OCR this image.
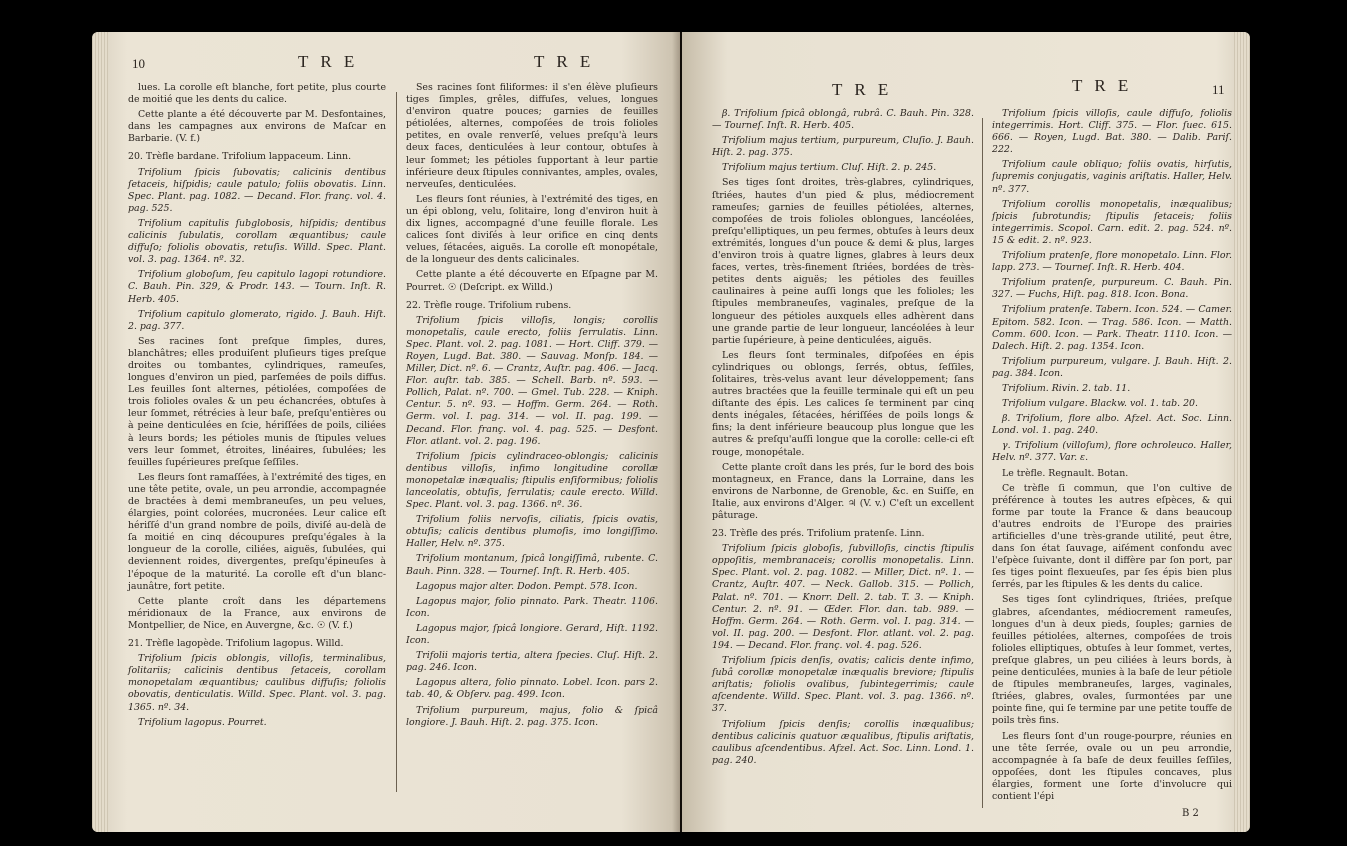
10	T R E	T R E

lues. La corolle eſt blanche, fort petite, plus courte de moitié que les dents du calice.

Cette plante a été découverte par M. Desfontaines, dans les campagnes aux environs de Maſcar en Barbarie. (V. f.)

20. Trèfle bardane. Trifolium lappaceum. Linn.

Trifolium ſpicis ſubovatis; calicinis dentibus ſetaceis, hiſpidis; caule patulo; foliis obovatis. Linn. Spec. Plant. pag. 1082. — Decand. Flor. franç. vol. 4. pag. 525.

Trifolium capitulis ſubglobosis, hiſpidis; dentibus calicinis ſubulatis, corollam æquantibus; caule diffuſo; foliolis obovatis, retuſis. Willd. Spec. Plant. vol. 3. pag. 1364. nº. 32.

Trifolium globoſum, ſeu capitulo lagopi rotundiore. C. Bauh. Pin. 329, & Prodr. 143. — Tourn. Inſt. R. Herb. 405.

Trifolium capitulo glomerato, rigido. J. Bauh. Hiſt. 2. pag. 377.

Ses racines ſont preſque ſimples, dures, blanchâtres; elles produiſent pluſieurs tiges preſque droites ou tombantes, cylindriques, rameuſes, longues d'environ un pied, parſemées de poils diffus. Les feuilles ſont alternes, pétiolées, compoſées de trois folioles ovales & un peu échancrées, obtuſes à leur ſommet, rétrécies à leur baſe, preſqu'entières ou à peine denticulées en ſcie, hériſſées de poils, ciliées à leurs bords; les pétioles munis de ſtipules velues vers leur ſommet, étroites, linéaires, ſubulées; les feuilles ſupérieures preſque ſeſſiles.

Les fleurs ſont ramaſſées, à l'extrémité des tiges, en une tête petite, ovale, un peu arrondie, accompagnée de bractées à demi membraneuſes, un peu velues, élargies, point colorées, mucronées. Leur calice eſt hériſſé d'un grand nombre de poils, diviſé au-delà de ſa moitié en cinq découpures preſqu'égales à la longueur de la corolle, ciliées, aiguës, ſubulées, qui deviennent roides, divergentes, preſqu'épineuſes à l'époque de la maturité. La corolle eſt d'un blanc-jaunâtre, fort petite.

Cette plante croît dans les départemens méridionaux de la France, aux environs de Montpellier, de Nice, en Auvergne, &c. ☉ (V. f.)

21. Trèfle lagopède. Trifolium lagopus. Willd.

Trifolium ſpicis oblongis, villoſis, terminalibus, ſolitariis; calicinis dentibus ſetaceis, corollam monopetalam æquantibus; caulibus diffuſis; foliolis obovatis, denticulatis. Willd. Spec. Plant. vol. 3. pag. 1365. nº. 34.

Trifolium lagopus. Pourret.

Ses racines ſont filiformes: il s'en élève pluſieurs tiges ſimples, grêles, diffuſes, velues, longues d'environ quatre pouces; garnies de feuilles pétiolées, alternes, compoſées de trois folioles petites, en ovale renverſé, velues preſqu'à leurs deux faces, denticulées à leur contour, obtuſes à leur ſommet; les pétioles ſupportant à leur partie inférieure deux ſtipules connivantes, amples, ovales, nerveuſes, denticulées.

Les fleurs ſont réunies, à l'extrémité des tiges, en un épi oblong, velu, ſolitaire, long d'environ huit à dix lignes, accompagné d'une feuille florale. Les calices ſont diviſés à leur orifice en cinq dents velues, ſétacées, aiguës. La corolle eſt monopétale, de la longueur des dents calicinales.

Cette plante a été découverte en Eſpagne par M. Pourret. ☉ (Deſcript. ex Willd.)

22. Trèfle rouge. Trifolium rubens.

Trifolium ſpicis villoſis, longis; corollis monopetalis, caule erecto, foliis ſerrulatis. Linn. Spec. Plant. vol. 2. pag. 1081. — Hort. Cliff. 379. — Royen, Lugd. Bat. 380. — Sauvag. Monſp. 184. — Miller, Dict. nº. 6. — Crantz, Auſtr. pag. 406. — Jacq. Flor. auſtr. tab. 385. — Schell. Barb. nº. 593. — Pollich, Palat. nº. 700. — Gmel. Tub. 228. — Kniph. Centur. 5. nº. 93. — Hoffm. Germ. 264. — Roth. Germ. vol. I. pag. 314. — vol. II. pag. 199. — Decand. Flor. franç. vol. 4. pag. 525. — Desfont. Flor. atlant. vol. 2. pag. 196.

Trifolium ſpicis cylindraceo-oblongis; calicinis dentibus villoſis, infimo longitudine corollæ monopetalæ inæqualis; ſtipulis enſiformibus; foliolis lanceolatis, obtuſis, ſerrulatis; caule erecto. Willd. Spec. Plant. vol. 3. pag. 1366. nº. 36.

Trifolium foliis nervoſis, ciliatis, ſpicis ovatis, obtuſis; calicis dentibus plumoſis, imo longiſſimo. Haller, Helv. nº. 375.

Trifolium montanum, ſpicâ longiſſimâ, rubente. C. Bauh. Pinn. 328. — Tourneſ. Inſt. R. Herb. 405.

Lagopus major alter. Dodon. Pempt. 578. Icon.

Lagopus major, folio pinnato. Park. Theatr. 1106. Icon.

Lagopus major, ſpicâ longiore. Gerard, Hiſt. 1192. Icon.

Trifolii majoris tertia, altera ſpecies. Cluſ. Hiſt. 2. pag. 246. Icon.

Lagopus altera, folio pinnato. Lobel. Icon. pars 2. tab. 40, & Obſerv. pag. 499. Icon.

Trifolium purpureum, majus, folio & ſpicâ longiore. J. Bauh. Hiſt. 2. pag. 375. Icon.

T R E	T R E	11

β. Trifolium ſpicâ oblongâ, rubrâ. C. Bauh. Pin. 328. — Tourneſ. Inſt. R. Herb. 405.

Trifolium majus tertium, purpureum, Cluſio. J. Bauh. Hiſt. 2. pag. 375.

Trifolium majus tertium. Cluſ. Hiſt. 2. p. 245.

Ses tiges ſont droites, très-glabres, cylindriques, ſtriées, hautes d'un pied & plus, médiocrement rameuſes; garnies de feuilles pétiolées, alternes, compoſées de trois folioles oblongues, lancéolées, preſqu'elliptiques, un peu fermes, obtuſes à leurs deux extrémités, longues d'un pouce & demi & plus, larges d'environ trois à quatre lignes, glabres à leurs deux faces, vertes, très-finement ſtriées, bordées de très-petites dents aiguës; les pétioles des feuilles caulinaires à peine auſſi longs que les folioles; les ſtipules membraneuſes, vaginales, preſque de la longueur des pétioles auxquels elles adhèrent dans une grande partie de leur longueur, lancéolées à leur partie ſupérieure, à peine denticulées, aiguës.

Les fleurs ſont terminales, diſpoſées en épis cylindriques ou oblongs, ſerrés, obtus, ſeſſiles, ſolitaires, très-velus avant leur développement; ſans autres bractées que la feuille terminale qui eſt un peu diſtante des épis. Les calices ſe terminent par cinq dents inégales, ſétacées, hériſſées de poils longs & fins; la dent inférieure beaucoup plus longue que les autres & preſqu'auſſi longue que la corolle: celle-ci eſt rouge, monopétale.

Cette plante croît dans les prés, ſur le bord des bois montagneux, en France, dans la Lorraine, dans les environs de Narbonne, de Grenoble, &c. en Suiſſe, en Italie, aux environs d'Alger. ♃ (V. v.) C'eſt un excellent pâturage.

23. Trèfle des prés. Trifolium pratenſe. Linn.

Trifolium ſpicis globoſis, ſubvilloſis, cinctis ſtipulis oppoſitis, membranaceis; corollis monopetalis. Linn. Spec. Plant. vol. 2. pag. 1082. — Miller, Dict. nº. 1. — Crantz, Auſtr. 407. — Neck. Gallob. 315. — Pollich, Palat. nº. 701. — Knorr. Dell. 2. tab. T. 3. — Kniph. Centur. 2. nº. 91. — Œder. Flor. dan. tab. 989. — Hoffm. Germ. 264. — Roth. Germ. vol. I. pag. 314. — vol. II. pag. 200. — Desfont. Flor. atlant. vol. 2. pag. 194. — Decand. Flor. franç. vol. 4. pag. 526.

Trifolium ſpicis denſis, ovatis; calicis dente infimo, ſubâ corollæ monopetalæ inæqualis breviore; ſtipulis ariſtatis; foliolis ovalibus, ſubintegerrimis; caule aſcendente. Willd. Spec. Plant. vol. 3. pag. 1366. nº. 37.

Trifolium ſpicis denſis; corollis inæqualibus; dentibus calicinis quatuor æqualibus, ſtipulis ariſtatis, caulibus aſcendentibus. Afzel. Act. Soc. Linn. Lond. 1. pag. 240.

Trifolium ſpicis villoſis, caule diffuſo, foliolis integerrimis. Hort. Cliff. 375. — Flor. ſuec. 615. 666. — Royen, Lugd. Bat. 380. — Dalib. Pariſ. 222.

Trifolium caule obliquo; foliis ovatis, hirſutis, ſupremis conjugatis, vaginis ariſtatis. Haller, Helv. nº. 377.

Trifolium corollis monopetalis, inæqualibus; ſpicis ſubrotundis; ſtipulis ſetaceis; foliis integerrimis. Scopol. Carn. edit. 2. pag. 524. nº. 15 & edit. 2. nº. 923.

Trifolium pratenſe, flore monopetalo. Linn. Flor. lapp. 273. — Tourneſ. Inſt. R. Herb. 404.

Trifolium pratenſe, purpureum. C. Bauh. Pin. 327. — Fuchs, Hiſt. pag. 818. Icon. Bona.

Trifolium pratenſe. Tabern. Icon. 524. — Camer. Epitom. 582. Icon. — Trag. 586. Icon. — Matth. Comm. 600. Icon. — Park. Theatr. 1110. Icon. — Dalech. Hiſt. 2. pag. 1354. Icon.

Trifolium purpureum, vulgare. J. Bauh. Hiſt. 2. pag. 384. Icon.

Trifolium. Rivin. 2. tab. 11.

Trifolium vulgare. Blackw. vol. 1. tab. 20.

β. Trifolium, flore albo. Afzel. Act. Soc. Linn. Lond. vol. 1. pag. 240.

γ. Trifolium (villoſum), flore ochroleuco. Haller, Helv. nº. 377. Var. ε.

Le trèfle. Regnault. Botan.

Ce trèfle ſi commun, que l'on cultive de préférence à toutes les autres eſpèces, & qui forme par toute la France & dans beaucoup d'autres endroits de l'Europe des prairies artificielles d'une très-grande utilité, peut être, dans ſon état ſauvage, aiſément confondu avec l'eſpèce ſuivante, dont il diffère par ſon port, par ſes tiges point flexueuſes, par ſes épis bien plus ſerrés, par les ſtipules & les dents du calice.

Ses tiges ſont cylindriques, ſtriées, preſque glabres, aſcendantes, médiocrement rameuſes, longues d'un à deux pieds, ſouples; garnies de feuilles pétiolées, alternes, compoſées de trois folioles elliptiques, obtuſes à leur ſommet, vertes, preſque glabres, un peu ciliées à leurs bords, à peine denticulées, munies à la baſe de leur pétiole de ſtipules membraneuſes, larges, vaginales, ſtriées, glabres, ovales, ſurmontées par une pointe fine, qui ſe termine par une petite touffe de poils très fins.

Les fleurs ſont d'un rouge-pourpre, réunies en une tête ſerrée, ovale ou un peu arrondie, accompagnée à ſa baſe de deux feuilles ſeſſiles, oppoſées, dont les ſtipules concaves, plus élargies, forment une ſorte d'involucre qui contient l'épi

B 2
